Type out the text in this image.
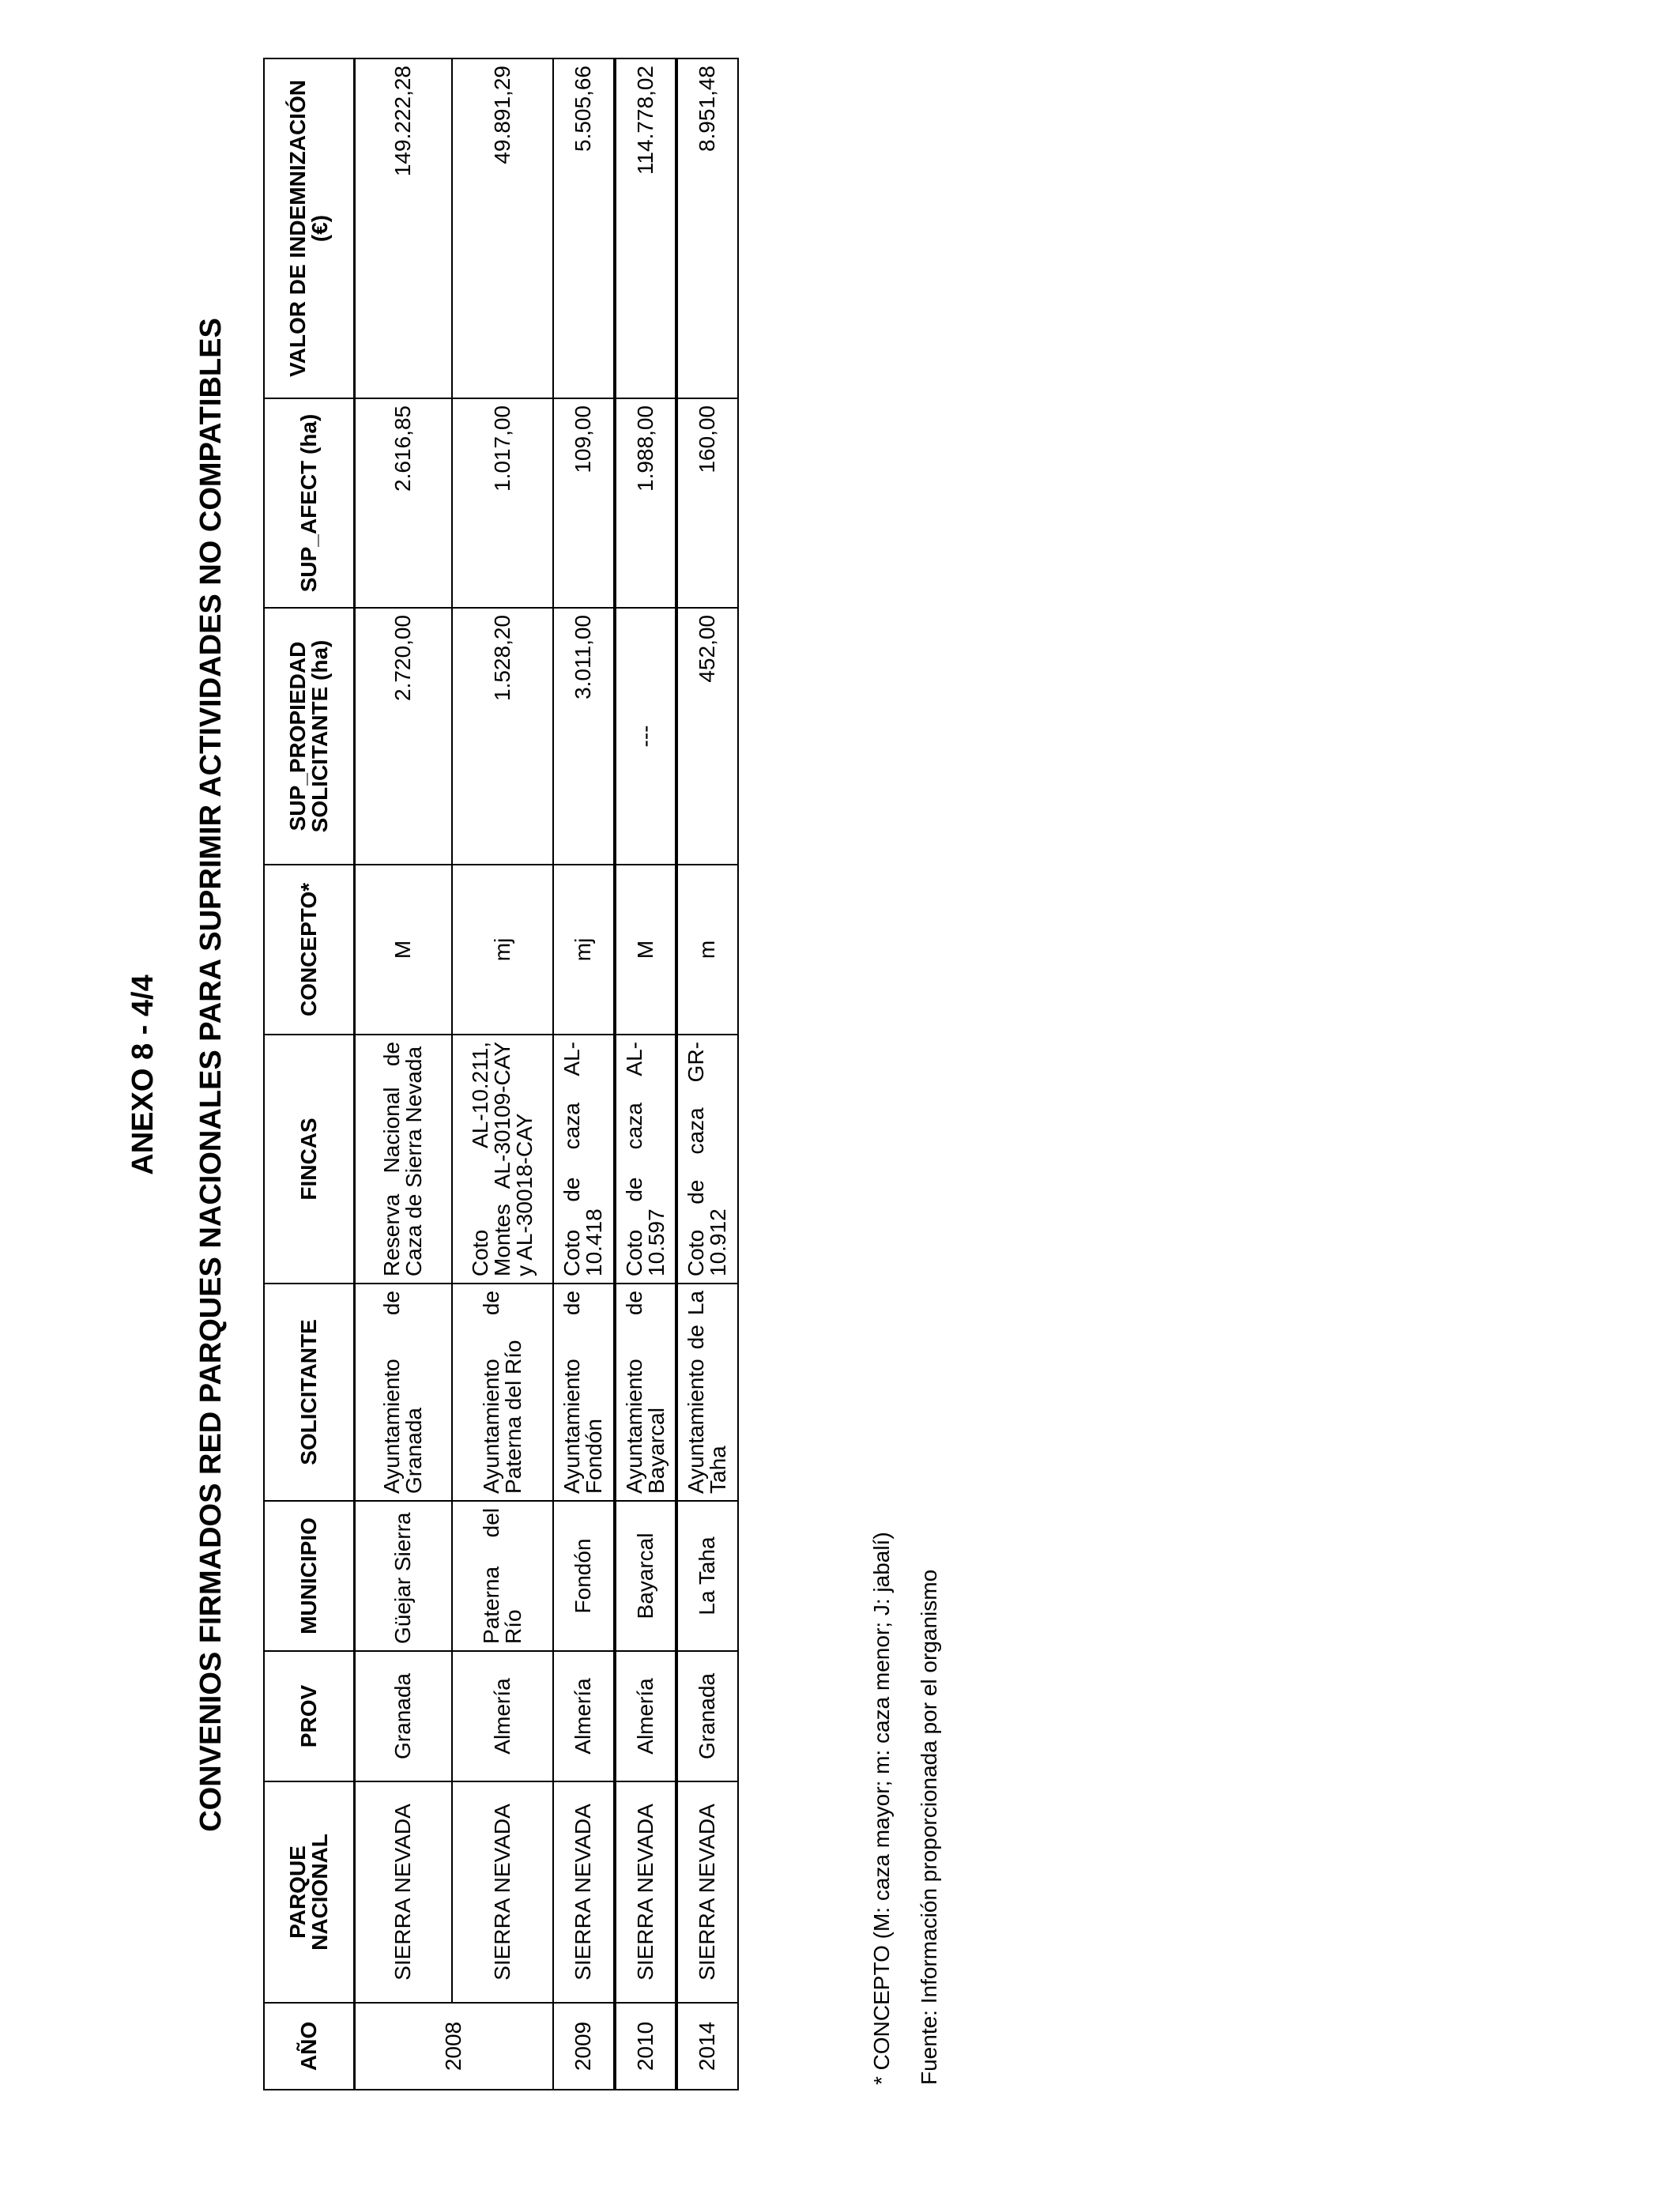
ANEXO 8 - 4/4 CONVENIOS FIRMADOS RED PARQUES NACIONALES PARA SUPRIMIR ACTIVIDADES NO COMPATIBLES
AÑO	PARQUE NACIONAL	PROV	MUNICIPIO	SOLICITANTE	FINCAS	CONCEPTO*	SUP_PROPIEDAD SOLICITANTE (ha)	SUP_AFECT (ha)	VALOR DE INDEMNIZACIÓN (€)
2008	SIERRA NEVADA	Granada	Güejar Sierra	Ayuntamiento de Granada	Reserva Nacional de Caza de Sierra Nevada	M	2.720,00	2.616,85	149.222,28
	SIERRA NEVADA	Almería	Paterna del Río	Ayuntamiento de Paterna del Río	Coto AL-10.211, Montes AL-30109-CAY y AL-30018-CAY	mj	1.528,20	1.017,00	49.891,29
2009	SIERRA NEVADA	Almería	Fondón	Ayuntamiento de Fondón	Coto de caza AL-10.418	mj	3.011,00	109,00	5.505,66
2010	SIERRA NEVADA	Almería	Bayarcal	Ayuntamiento de Bayarcal	Coto de caza AL-10.597	M	---	1.988,00	114.778,02
2014	SIERRA NEVADA	Granada	La Taha	Ayuntamiento de La Taha	Coto de caza GR-10.912	m	452,00	160,00	8.951,48
* CONCEPTO (M: caza mayor; m: caza menor; J: jabalí) Fuente: Información proporcionada por el organismo
